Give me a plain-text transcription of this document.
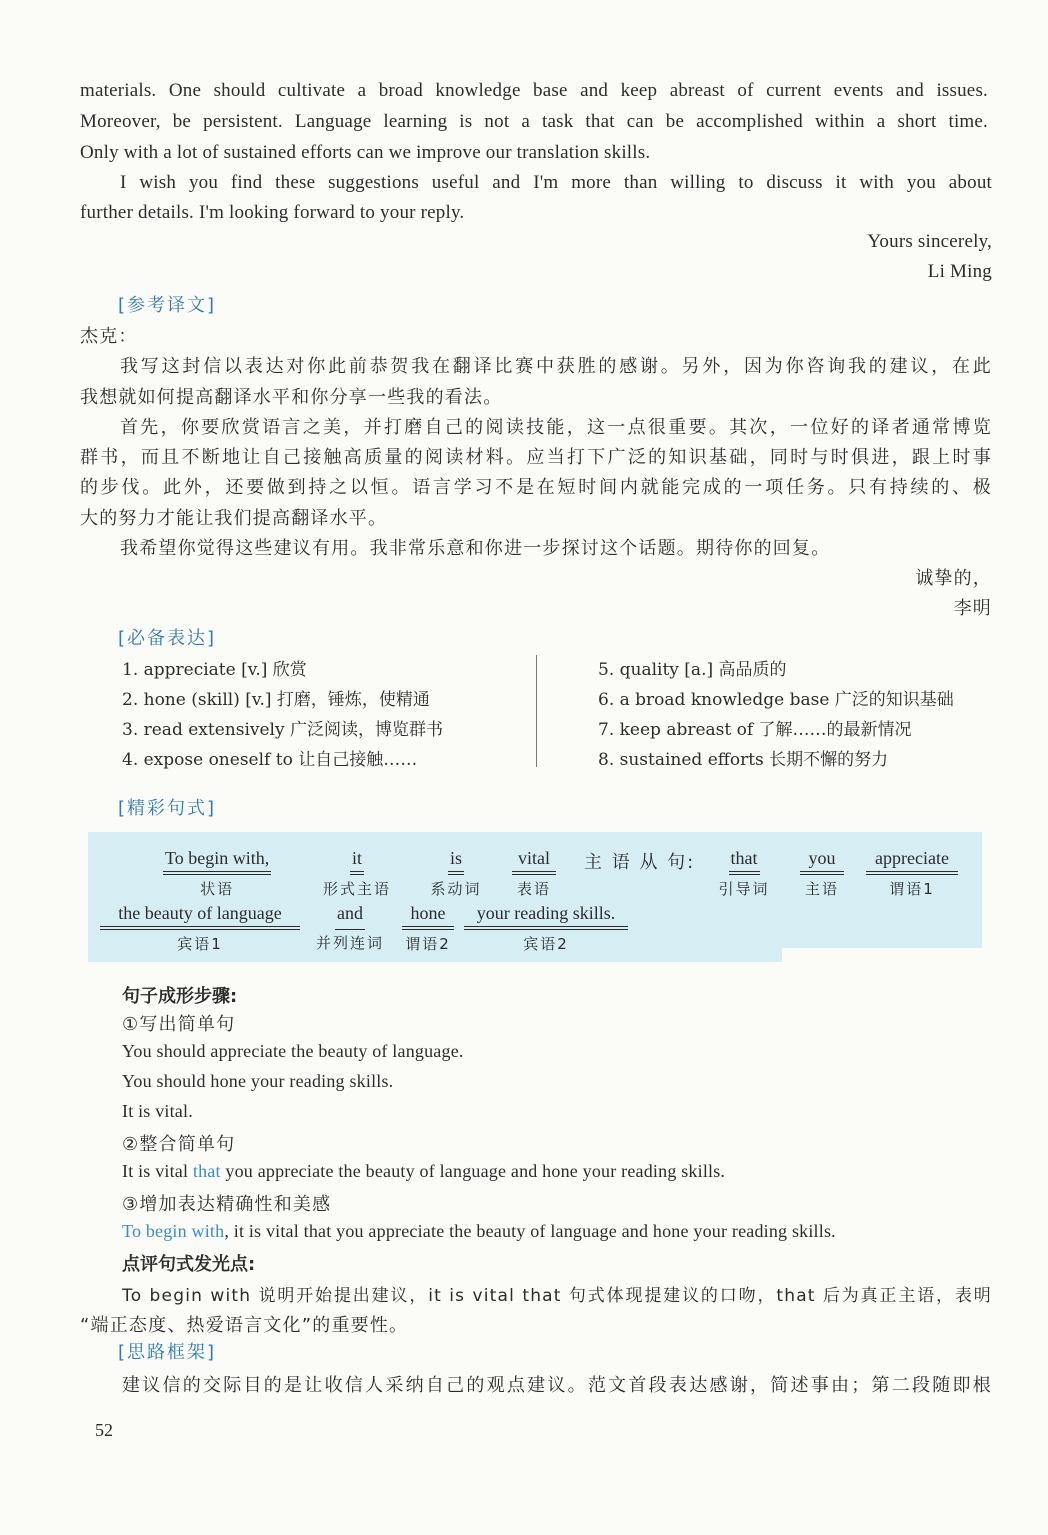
materials. One should cultivate a broad knowledge base and keep abreast of current events and issues.
Moreover, be persistent. Language learning is not a task that can be accomplished within a short time.
Only with a lot of sustained efforts can we improve our translation skills.
I wish you find these suggestions useful and I'm more than willing to discuss it with you about
further details. I'm looking forward to your reply.
Yours sincerely,
Li Ming
[参考译文]
杰克：
我写这封信以表达对你此前恭贺我在翻译比赛中获胜的感谢。另外，因为你咨询我的建议，在此
我想就如何提高翻译水平和你分享一些我的看法。
首先，你要欣赏语言之美，并打磨自己的阅读技能，这一点很重要。其次，一位好的译者通常博览
群书，而且不断地让自己接触高质量的阅读材料。应当打下广泛的知识基础，同时与时俱进，跟上时事
的步伐。此外，还要做到持之以恒。语言学习不是在短时间内就能完成的一项任务。只有持续的、极
大的努力才能让我们提高翻译水平。
我希望你觉得这些建议有用。我非常乐意和你进一步探讨这个话题。期待你的回复。
诚挚的，
李明
[必备表达]
1. appreciate [v.] 欣赏
2. hone (skill) [v.] 打磨，锤炼，使精通
3. read extensively 广泛阅读，博览群书
4. expose oneself to 让自己接触……
5. quality [a.] 高品质的
6. a broad knowledge base 广泛的知识基础
7. keep abreast of 了解……的最新情况
8. sustained efforts 长期不懈的努力
[精彩句式]
To begin with,
状语
it
形式主语
is
系动词
vital
表语
主 语 从 句:	that
引导词
you
主语
appreciate
谓语1
the beauty of language
宾语1
and
并列连词
hone
谓语2
your reading skills.
宾语2
句子成形步骤:
①写出简单句
You should appreciate the beauty of language.
You should hone your reading skills.
It is vital.
②整合简单句
It is vital that you appreciate the beauty of language and hone your reading skills.
③增加表达精确性和美感
To begin with, it is vital that you appreciate the beauty of language and hone your reading skills.
点评句式发光点:
To begin with 说明开始提出建议，it is vital that 句式体现提建议的口吻，that 后为真正主语，表明
“端正态度、热爱语言文化”的重要性。
[思路框架]
建议信的交际目的是让收信人采纳自己的观点建议。范文首段表达感谢，简述事由；第二段随即根
52
